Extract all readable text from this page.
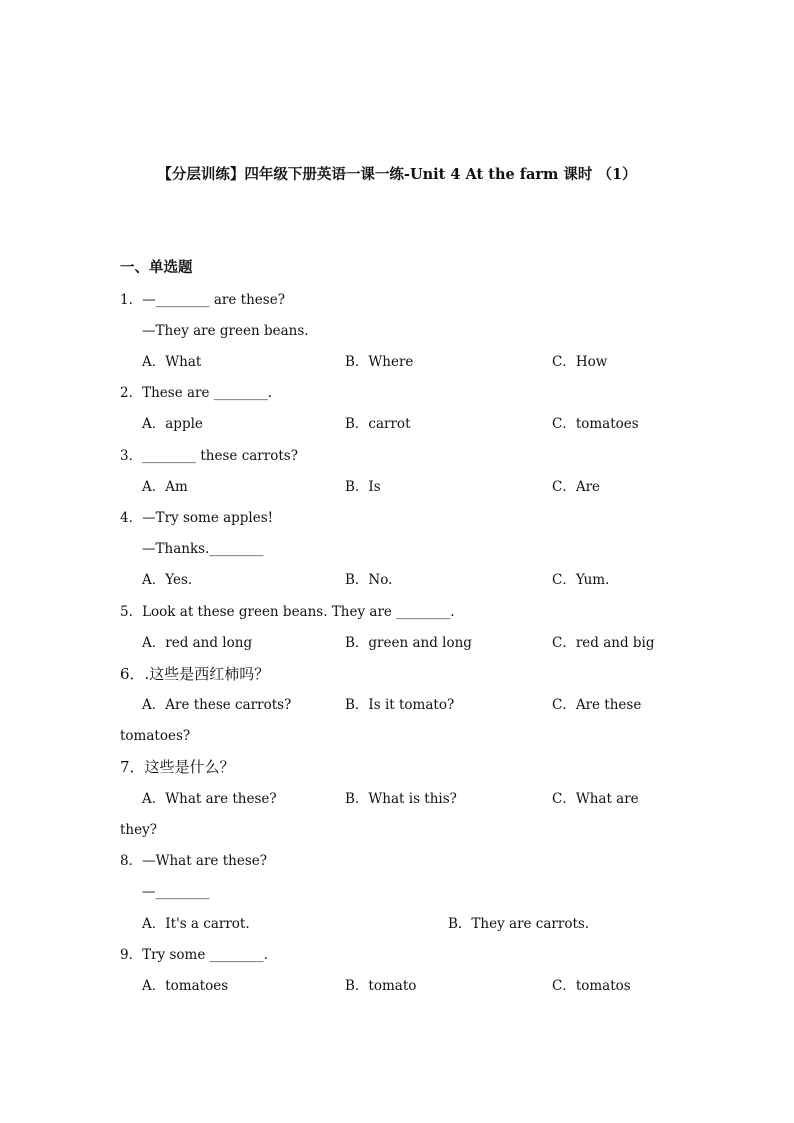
【分层训练】四年级下册英语一课一练-Unit 4 At the farm 课时 （1）
一、单选题
1．—________ are these?
—They are green beans.
A．What	B．Where	C．How
2．These are ________.
A．apple	B．carrot	C．tomatoes
3．________ these carrots?
A．Am	B．Is	C．Are
4．—Try some apples!
—Thanks.________
A．Yes.	B．No.	C．Yum.
5．Look at these green beans. They are ________.
A．red and long	B．green and long	C．red and big
6．.这些是西红柿吗？
A．Are these carrots?	B．Is it tomato?	C．Are these
tomatoes?
7．这些是什么？
A．What are these?	B．What is this?	C．What are
they?
8．—What are these?
—________
A．It's a carrot.	B．They are carrots.
9．Try some ________.
A．tomatoes	B．tomato	C．tomatos
